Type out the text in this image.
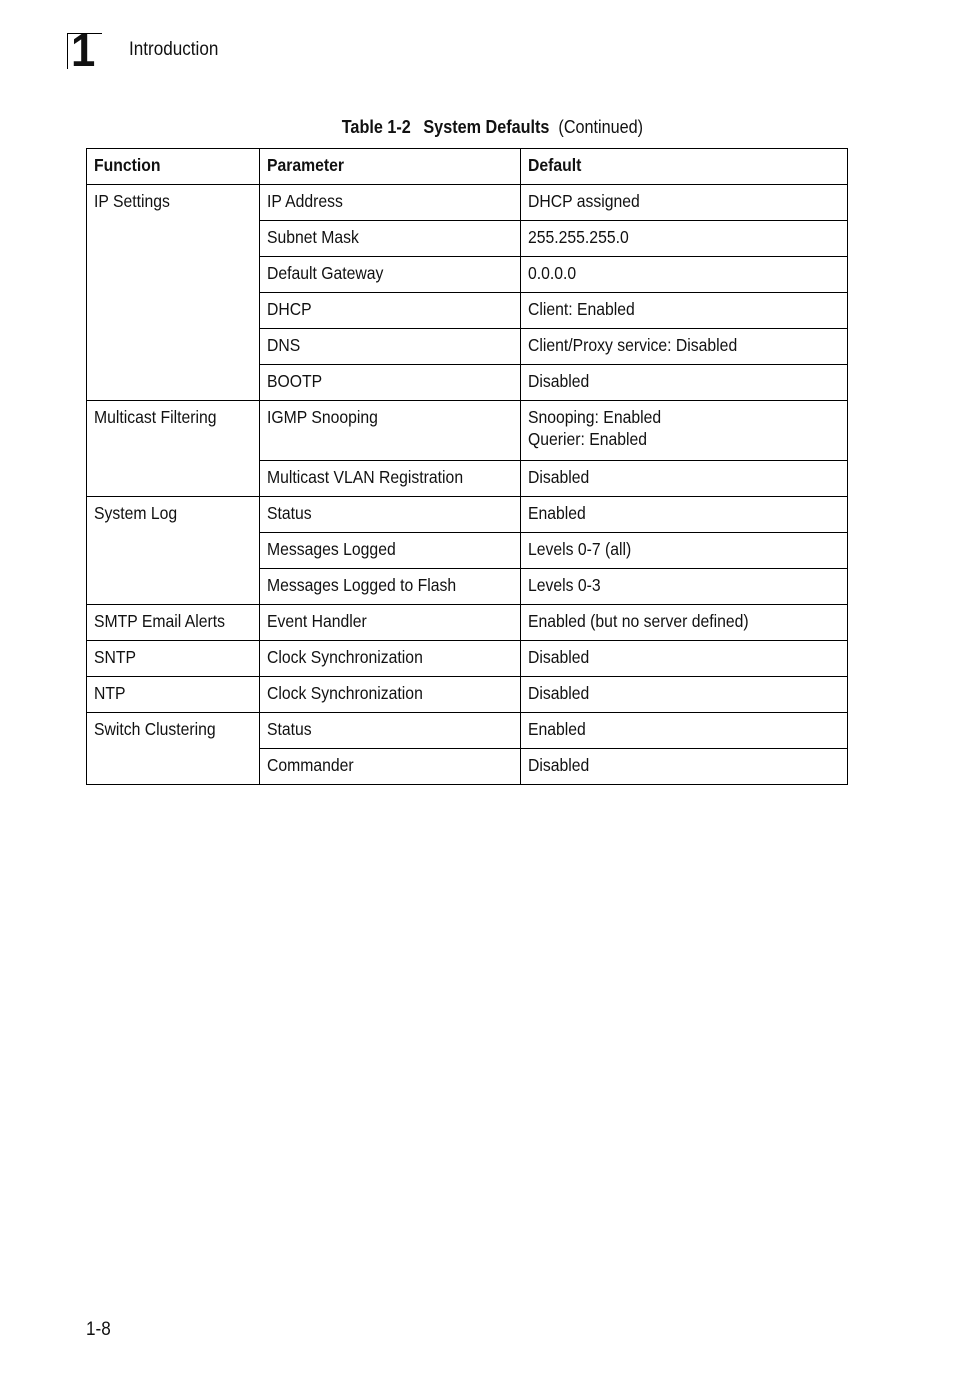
1 Introduction
Table 1-2 System Defaults (Continued)
Function	Parameter	Default
IP Settings	IP Address	DHCP assigned
	Subnet Mask	255.255.255.0
	Default Gateway	0.0.0.0
	DHCP	Client: Enabled
	DNS	Client/Proxy service: Disabled
	BOOTP	Disabled
Multicast Filtering	IGMP Snooping	Snooping: Enabled
Querier: Enabled
	Multicast VLAN Registration	Disabled
System Log	Status	Enabled
	Messages Logged	Levels 0-7 (all)
	Messages Logged to Flash	Levels 0-3
SMTP Email Alerts	Event Handler	Enabled (but no server defined)
SNTP	Clock Synchronization	Disabled
NTP	Clock Synchronization	Disabled
Switch Clustering	Status	Enabled
	Commander	Disabled
1-8
